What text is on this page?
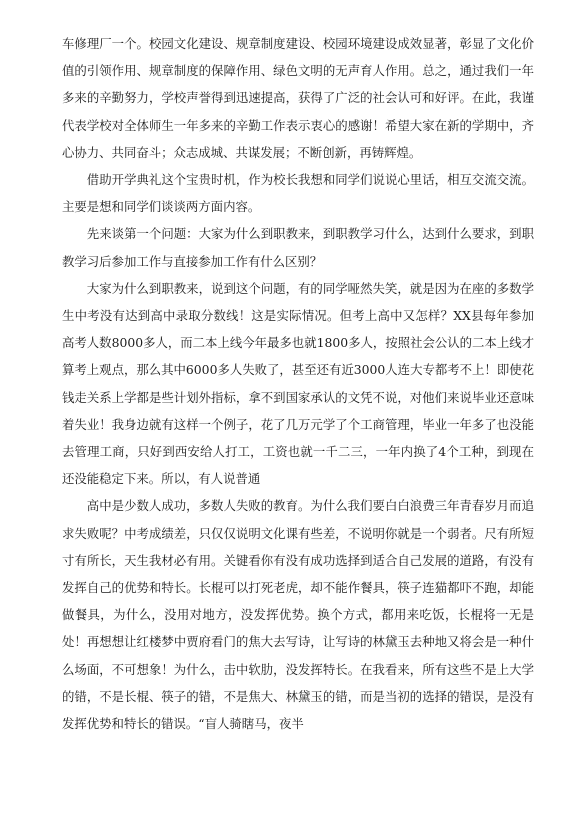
车修理厂一个。校园文化建设、规章制度建设、校园环境建设成效显著，彰显了文化价值的引领作用、规章制度的保障作用、绿色文明的无声育人作用。总之，通过我们一年多来的辛勤努力，学校声誉得到迅速提高，获得了广泛的社会认可和好评。在此，我谨代表学校对全体师生一年多来的辛勤工作表示衷心的感谢！希望大家在新的学期中，齐心协力、共同奋斗；众志成城、共谋发展；不断创新，再铸辉煌。

借助开学典礼这个宝贵时机，作为校长我想和同学们说说心里话，相互交流交流。主要是想和同学们谈谈两方面内容。

先来谈第一个问题：大家为什么到职教来，到职教学习什么，达到什么要求，到职教学习后参加工作与直接参加工作有什么区别？

大家为什么到职教来，说到这个问题，有的同学哑然失笑，就是因为在座的多数学生中考没有达到高中录取分数线！这是实际情况。但考上高中又怎样？XX县每年参加高考人数8000多人，而二本上线今年最多也就1800多人，按照社会公认的二本上线才算考上观点，那么其中6000多人失败了，甚至还有近3000人连大专都考不上！即使花钱走关系上学都是些计划外指标，拿不到国家承认的文凭不说，对他们来说毕业还意味着失业！我身边就有这样一个例子，花了几万元学了个工商管理，毕业一年多了也没能去管理工商，只好到西安给人打工，工资也就一千二三，一年内换了4个工种，到现在还没能稳定下来。所以，有人说普通

高中是少数人成功，多数人失败的教育。为什么我们要白白浪费三年青春岁月而追求失败呢？中考成绩差，只仅仅说明文化课有些差，不说明你就是一个弱者。尺有所短寸有所长，天生我材必有用。关键看你有没有成功选择到适合自己发展的道路，有没有发挥自己的优势和特长。长棍可以打死老虎，却不能作餐具，筷子连猫都吓不跑，却能做餐具，为什么，没用对地方，没发挥优势。换个方式，都用来吃饭，长棍将一无是处！再想想让红楼梦中贾府看门的焦大去写诗，让写诗的林黛玉去种地又将会是一种什么场面，不可想象！为什么，击中软肋，没发挥特长。在我看来，所有这些不是上大学的错，不是长棍、筷子的错，不是焦大、林黛玉的错，而是当初的选择的错误，是没有发挥优势和特长的错误。“盲人骑瞎马，夜半
